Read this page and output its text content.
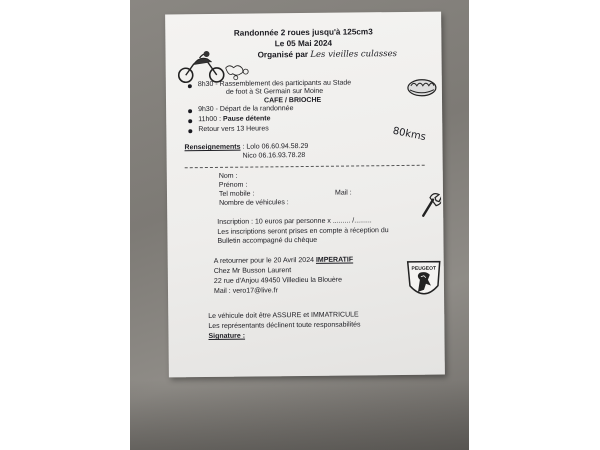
Randonnée 2 roues jusqu'à 125cm3
Le 05 Mai 2024
Organisé par Les vieilles culasses
8h30 - Rassemblement des participants au Stade
de foot à St Germain sur Moine
CAFE / BRIOCHE
9h30 - Départ de la randonnée
11h00 : Pause détente
Retour vers 13 Heures	80kms
Renseignements : Lolo 06.60.94.58.29
Nico 06.16.93.78.28
Nom :
Prénom :
Tel mobile :	Mail :
Nombre de véhicules :
Inscription : 10 euros par personne x ......... /.........
Les inscriptions seront prises en compte à réception du
Bulletin accompagné du chèque
A retourner pour le 20 Avril 2024 IMPERATIF
Chez Mr Busson Laurent
22 rue d'Anjou 49450 Villedieu la Blouère
Mail : vero17@live.fr
PEUGEOT
Le véhicule doit être ASSURE et IMMATRICULE
Les représentants déclinent toute responsabilités
Signature :
